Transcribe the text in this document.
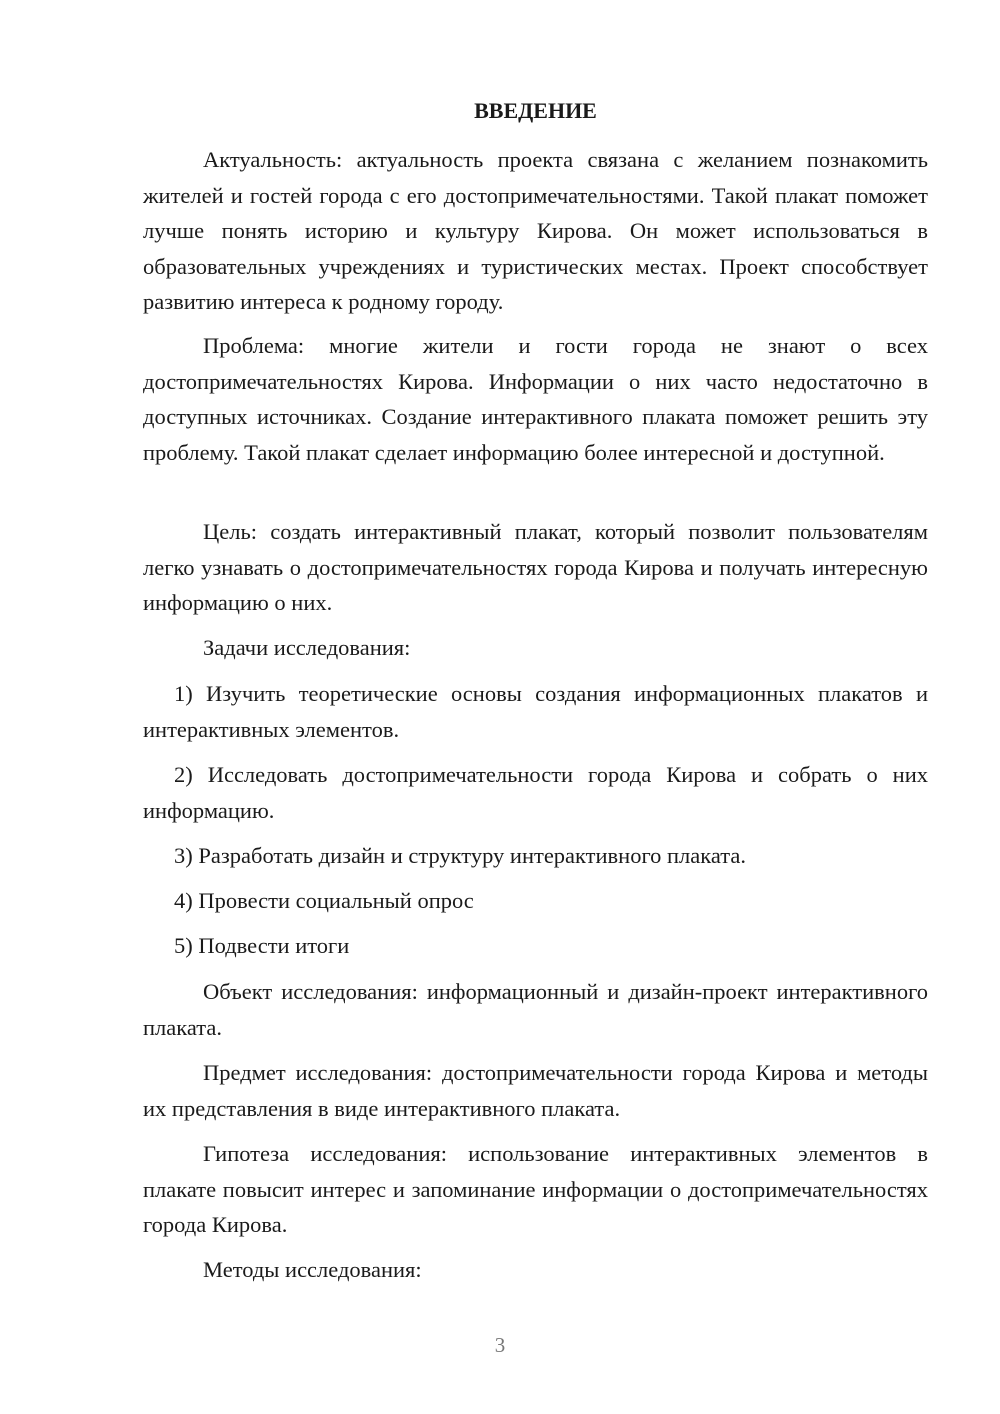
ВВЕДЕНИЕ

Актуальность: актуальность проекта связана с желанием познакомить жителей и гостей города с его достопримечательностями. Такой плакат поможет лучше понять историю и культуру Кирова. Он может использоваться в образовательных учреждениях и туристических местах. Проект способствует развитию интереса к родному городу.

Проблема: многие жители и гости города не знают о всех достопримечательностях Кирова. Информации о них часто недостаточно в доступных источниках. Создание интерактивного плаката поможет решить эту проблему. Такой плакат сделает информацию более интересной и доступной.

Цель: создать интерактивный плакат, который позволит пользователям легко узнавать о достопримечательностях города Кирова и получать интересную информацию о них.

Задачи исследования:

1) Изучить теоретические основы создания информационных плакатов и интерактивных элементов.

2) Исследовать достопримечательности города Кирова и собрать о них информацию.

3) Разработать дизайн и структуру интерактивного плаката.

4) Провести социальный опрос

5) Подвести итоги

Объект исследования: информационный и дизайн-проект интерактивного плаката.

Предмет исследования: достопримечательности города Кирова и методы их представления в виде интерактивного плаката.

Гипотеза исследования: использование интерактивных элементов в плакате повысит интерес и запоминание информации о достопримечательностях города Кирова.

Методы исследования:

3
